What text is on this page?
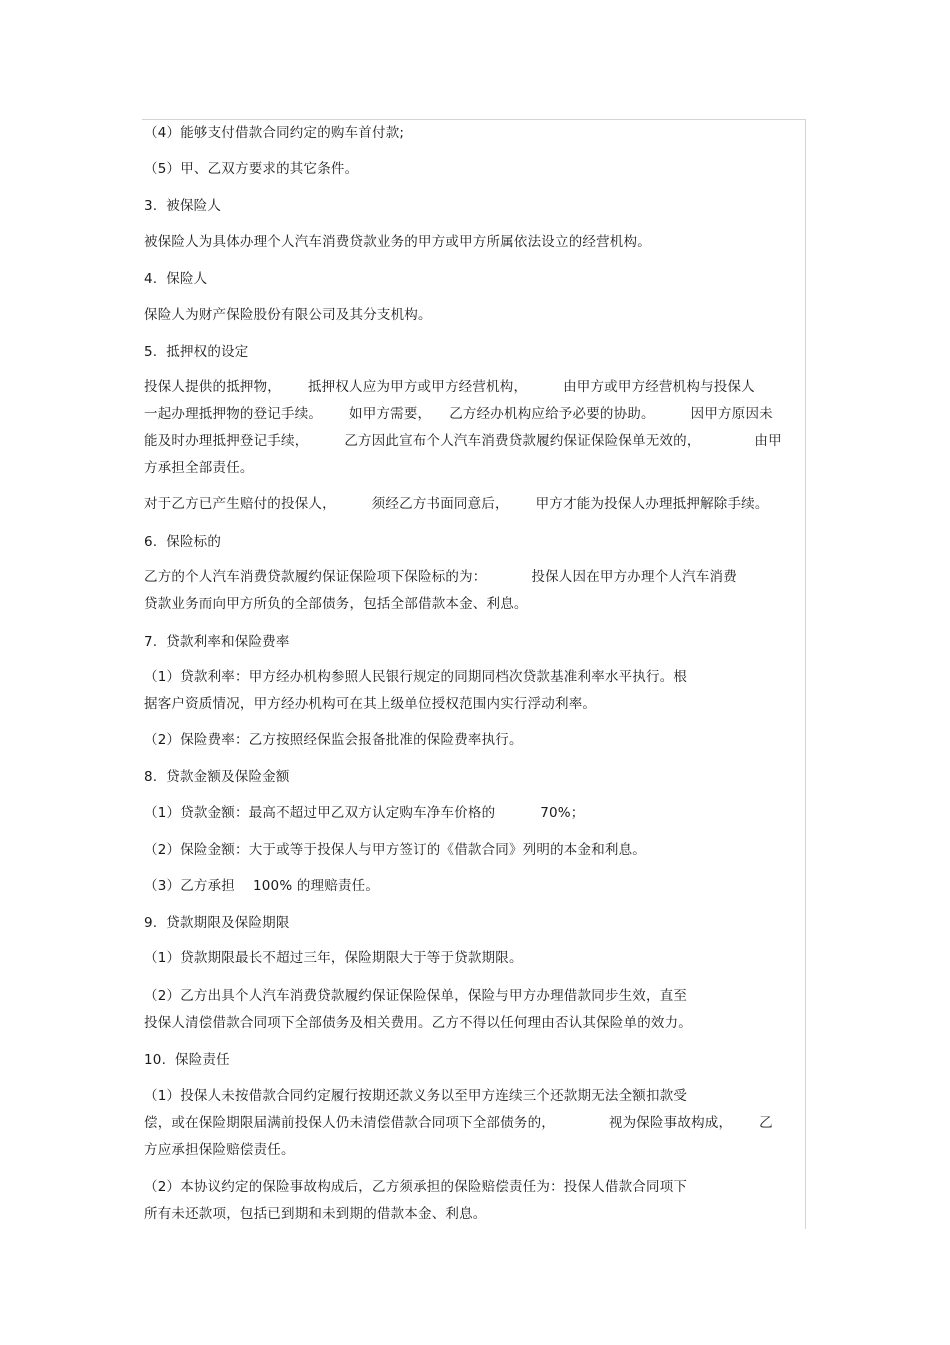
（4）能够支付借款合同约定的购车首付款;
（5）甲、乙双方要求的其它条件。
3.  被保险人
被保险人为具体办理个人汽车消费贷款业务的甲方或甲方所属依法设立的经营机构。
4.  保险人
保险人为财产保险股份有限公司及其分支机构。
5.  抵押权的设定
投保人提供的抵押物，      抵押权人应为甲方或甲方经营机构，        由甲方或甲方经营机构与投保人
一起办理抵押物的登记手续。      如甲方需要，    乙方经办机构应给予必要的协助。        因甲方原因未
能及时办理抵押登记手续，        乙方因此宣布个人汽车消费贷款履约保证保险保单无效的，            由甲
方承担全部责任。
对于乙方已产生赔付的投保人，        须经乙方书面同意后，      甲方才能为投保人办理抵押解除手续。
6.  保险标的
乙方的个人汽车消费贷款履约保证保险项下保险标的为：          投保人因在甲方办理个人汽车消费
贷款业务而向甲方所负的全部债务，包括全部借款本金、利息。
7.  贷款利率和保险费率
（1）贷款利率：甲方经办机构参照人民银行规定的同期同档次贷款基准利率水平执行。根
据客户资质情况，甲方经办机构可在其上级单位授权范围内实行浮动利率。
（2）保险费率：乙方按照经保监会报备批准的保险费率执行。
8.  贷款金额及保险金额
（1）贷款金额：最高不超过甲乙双方认定购车净车价格的          70%；
（2）保险金额：大于或等于投保人与甲方签订的《借款合同》列明的本金和利息。
（3）乙方承担    100% 的理赔责任。
9.  贷款期限及保险期限
（1）贷款期限最长不超过三年，保险期限大于等于贷款期限。
（2）乙方出具个人汽车消费贷款履约保证保险保单，保险与甲方办理借款同步生效，直至
投保人清偿借款合同项下全部债务及相关费用。乙方不得以任何理由否认其保险单的效力。
10.  保险责任
（1）投保人未按借款合同约定履行按期还款义务以至甲方连续三个还款期无法全额扣款受
偿，或在保险期限届满前投保人仍未清偿借款合同项下全部债务的，            视为保险事故构成，      乙
方应承担保险赔偿责任。
（2）本协议约定的保险事故构成后，乙方须承担的保险赔偿责任为：投保人借款合同项下
所有未还款项，包括已到期和未到期的借款本金、利息。
